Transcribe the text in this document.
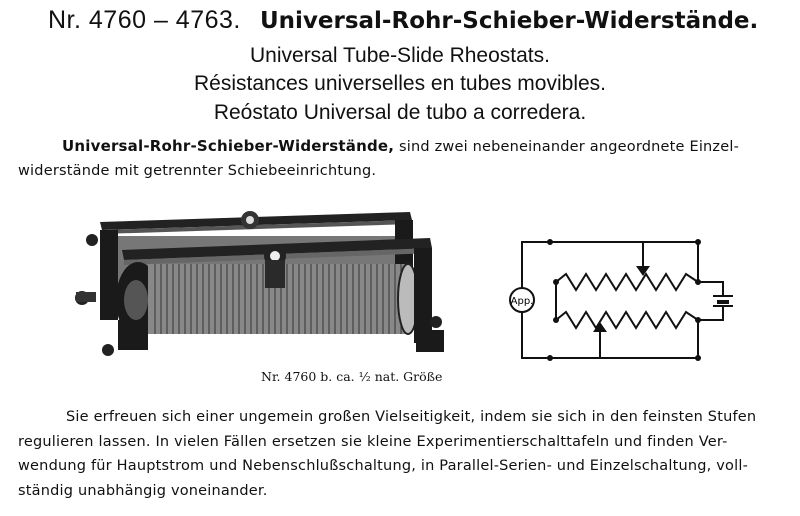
Nr. 4760 – 4763. Universal-Rohr-Schieber-Widerstände.
Universal Tube-Slide Rheostats.
Résistances universelles en tubes movibles.
Reóstato Universal de tubo a corredera.
Universal-Rohr-Schieber-Widerstände, sind zwei nebeneinander angeordnete Einzel-
widerstände mit getrennter Schiebeeinrichtung.
App.
Nr. 4760 b. ca. ½ nat. Größe
Sie erfreuen sich einer ungemein großen Vielseitigkeit, indem sie sich in den feinsten Stufen
regulieren lassen. In vielen Fällen ersetzen sie kleine Experimentierschalttafeln und finden Ver-
wendung für Hauptstrom und Nebenschlußschaltung, in Parallel-Serien- und Einzelschaltung, voll-
ständig unabhängig voneinander.
